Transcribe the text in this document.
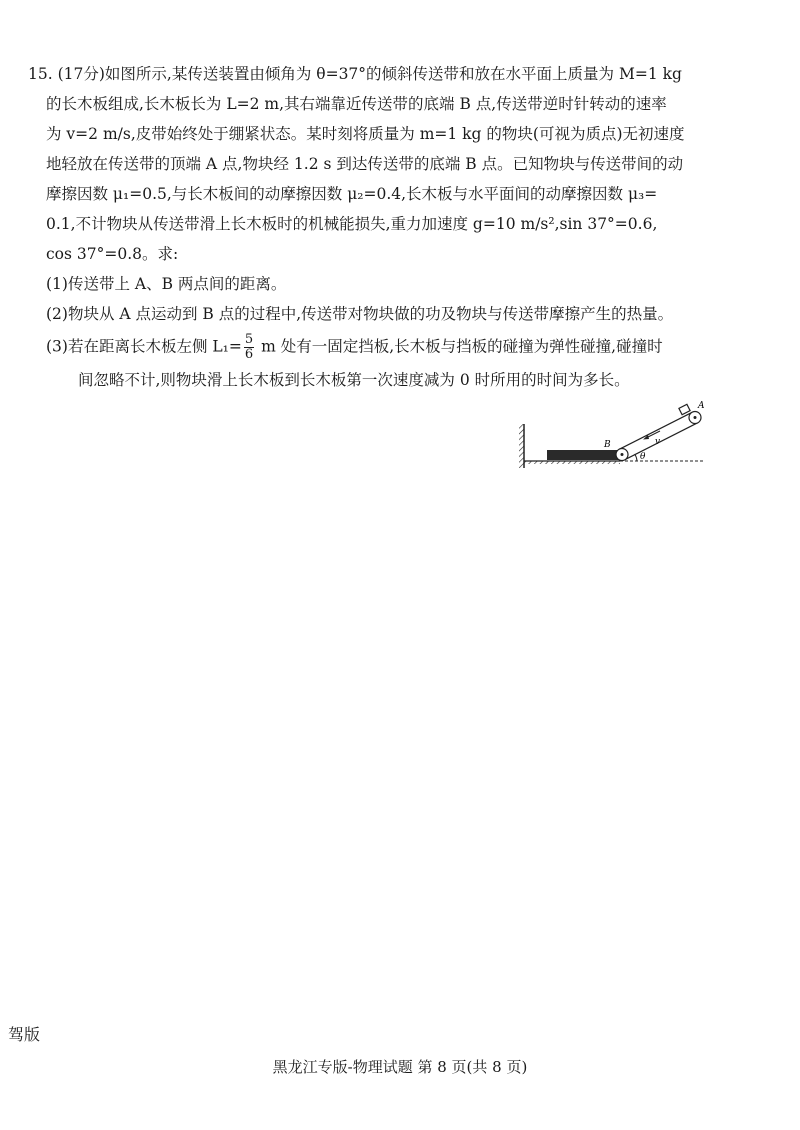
15. (17分)如图所示,某传送装置由倾角为 θ=37°的倾斜传送带和放在水平面上质量为 M=1 kg
的长木板组成,长木板长为 L=2 m,其右端靠近传送带的底端 B 点,传送带逆时针转动的速率
为 v=2 m/s,皮带始终处于绷紧状态。某时刻将质量为 m=1 kg 的物块(可视为质点)无初速度
地轻放在传送带的顶端 A 点,物块经 1.2 s 到达传送带的底端 B 点。已知物块与传送带间的动
摩擦因数 μ₁=0.5,与长木板间的动摩擦因数 μ₂=0.4,长木板与水平面间的动摩擦因数 μ₃=
0.1,不计物块从传送带滑上长木板时的机械能损失,重力加速度 g=10 m/s²,sin 37°=0.6,
cos 37°=0.8。求:
(1)传送带上 A、B 两点间的距离。
(2)物块从 A 点运动到 B 点的过程中,传送带对物块做的功及物块与传送带摩擦产生的热量。
(3)若在距离长木板左侧 $L_1= \frac{5}{6}$ m 处有一固定挡板,长木板与挡板的碰撞为弹性碰撞,碰撞时
间忽略不计,则物块滑上长木板到长木板第一次速度减为 0 时所用的时间为多长。
A
B	v
θ
驾版
黑龙江专版-物理试题 第 8 页(共 8 页)
